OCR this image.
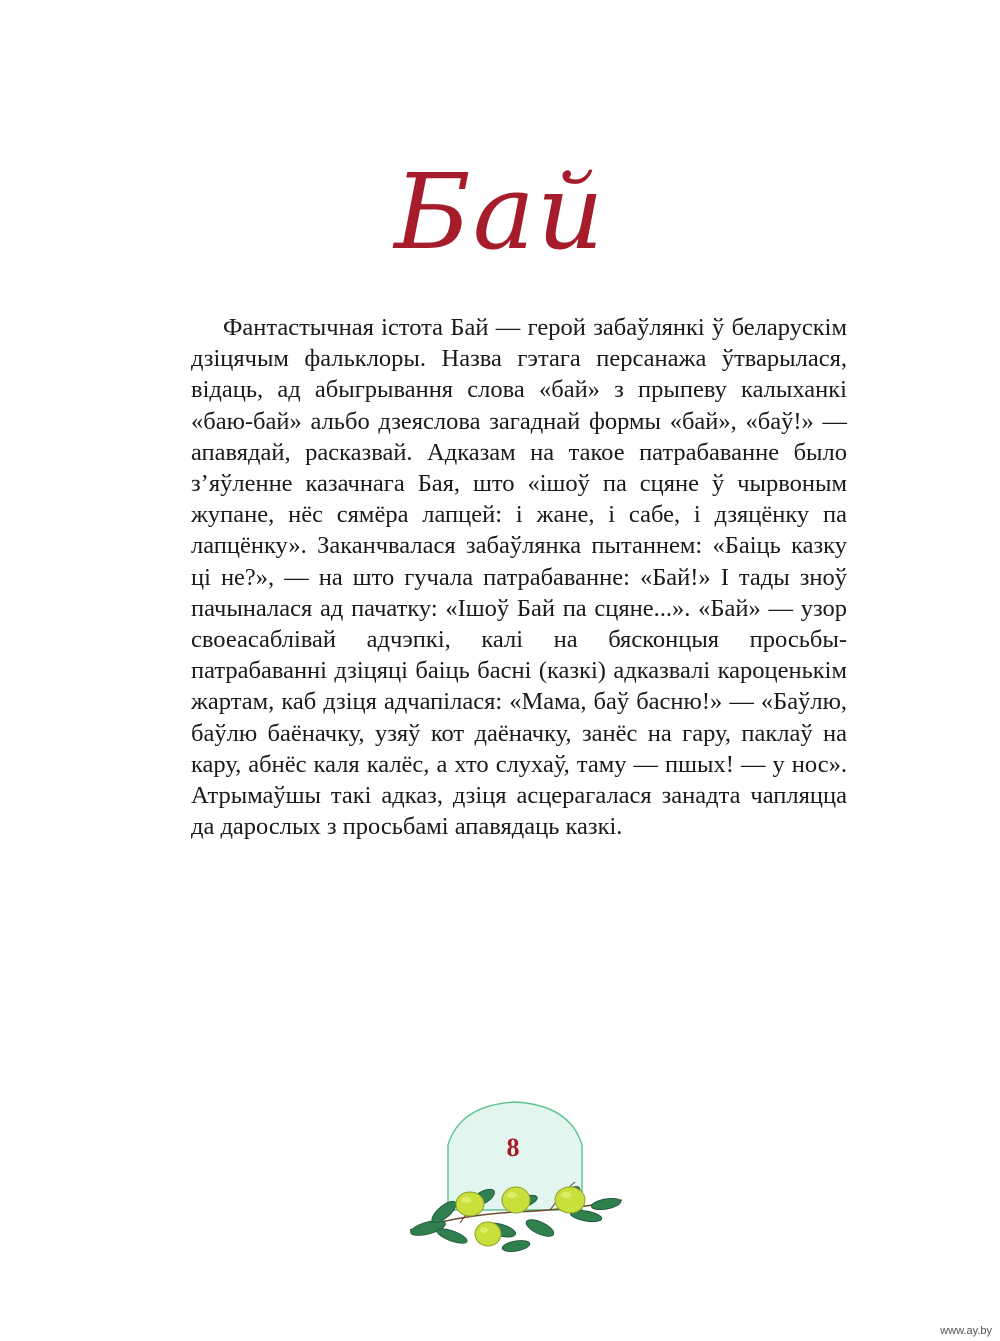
Бай

Фантастычная істота Бай — герой забаўлянкі ў беларускім дзіцячым фальклоры. Назва гэтага персанажа ўтварылася, відаць, ад абыгрывання слова «бай» з прыпеву калыханкі «баю-бай» альбо дзеяслова загаднай формы «бай», «баў!» — апавядай, расказвай. Адказам на такое патрабаванне было з’яўленне казачнага Бая, што «ішоў па сцяне ў чырвоным жупане, нёс сямёра лапцей: і жане, і сабе, і дзяцёнку па лапцёнку». Заканчвалася забаўлянка пытаннем: «Баіць казку ці не?», — на што гучала патрабаванне: «Бай!» І тады зноў пачыналася ад пачатку: «Ішоў Бай па сцяне...». «Бай» — узор своеасаблівай адчэпкі, калі на бясконцыя просьбы-патрабаванні дзіцяці баіць басні (казкі) адказвалі кароценькім жартам, каб дзіця адчапілася: «Мама, баў басню!» — «Баўлю, баўлю баёначку, узяў кот даёначку, занёс на гару, паклаў на кару, абнёс каля калёс, а хто слухаў, таму — пшых! — у нос». Атрымаўшы такі адказ, дзіця асцерагалася занадта чапляцца да дарослых з просьбамі апавядаць казкі.

8
www.ay.by
